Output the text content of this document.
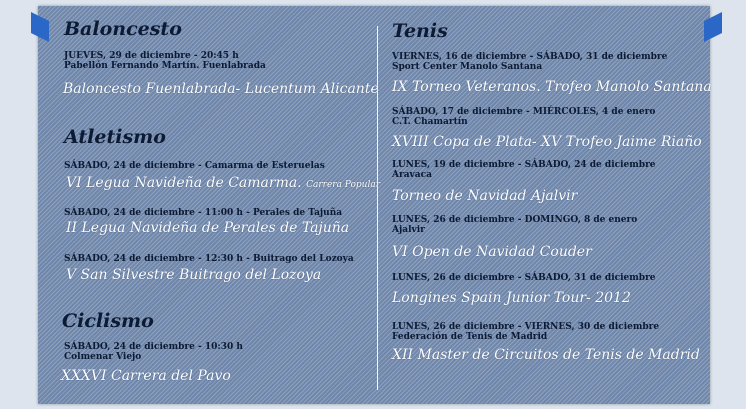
Baloncesto
JUEVES, 29 de diciembre - 20:45 h
Pabellón Fernando Martín. Fuenlabrada
Baloncesto Fuenlabrada- Lucentum Alicante
Atletismo
SÁBADO, 24 de diciembre - Camarma de Esteruelas
VI Legua Navideña de Camarma. Carrera Popular
SÁBADO, 24 de diciembre - 11:00 h - Perales de Tajuña
II Legua Navideña de Perales de Tajuña
SÁBADO, 24 de diciembre - 12:30 h - Buitrago del Lozoya
V San Silvestre Buitrago del Lozoya
Ciclismo
SÁBADO, 24 de diciembre - 10:30 h
Colmenar Viejo
XXXVI Carrera del Pavo
Tenis
VIERNES, 16 de diciembre - SÁBADO, 31 de diciembre
Sport Center Manolo Santana
IX Torneo Veteranos. Trofeo Manolo Santana
SÁBADO, 17 de diciembre - MIÉRCOLES, 4 de enero
C.T. Chamartín
XVIII Copa de Plata- XV Trofeo Jaime Riaño
LUNES, 19 de diciembre - SÁBADO, 24 de diciembre
Aravaca
Torneo de Navidad Ajalvir
LUNES, 26 de diciembre - DOMINGO, 8 de enero
Ajalvir
VI Open de Navidad Couder
LUNES, 26 de diciembre - SÁBADO, 31 de diciembre
Longines Spain Junior Tour- 2012
LUNES, 26 de diciembre - VIERNES, 30 de diciembre
Federación de Tenis de Madrid
XII Master de Circuitos de Tenis de Madrid
